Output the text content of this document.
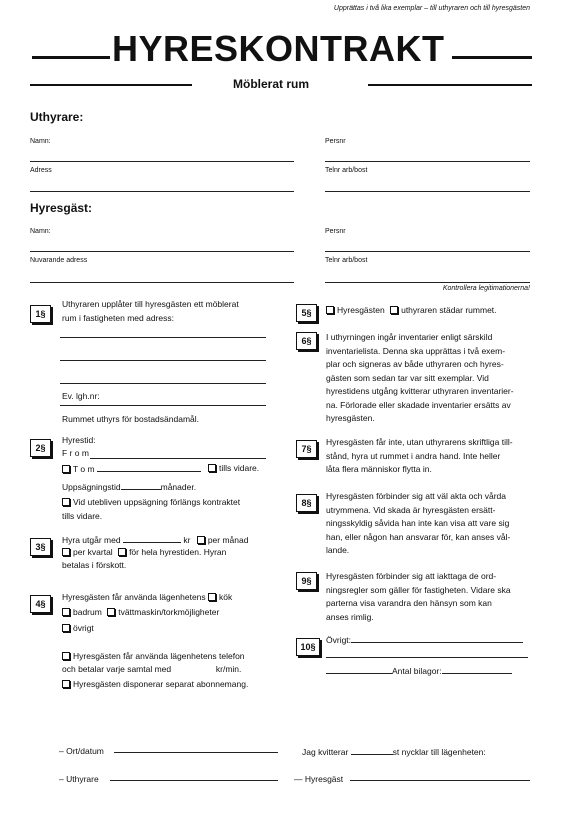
Upprättas i två lika exemplar – till uthyraren och till hyresgästen
HYRESKONTRAKT
Möblerat rum
Uthyrare:
Namn:	Persnr
Adress	Telnr arb/bost
Hyresgäst:
Namn:	Persnr
Nuvarande adress	Telnr arb/bost
Kontrollera legitimationerna!
1§
Uthyraren upplåter till hyresgästen ett möblerat
rum i fastigheten med adress:
Ev. lgh.nr:
Rummet uthyrs för bostadsändamål.
2§
Hyrestid:
F r o m
T o m	tills vidare.
Uppsägningstid	månader.
Vid utebliven uppsägning förlängs kontraktet
tills vidare.
3§
Hyra utgår med	kr per månad
per kvartal för hela hyrestiden. Hyran
betalas i förskott.
4§
Hyresgästen får använda lägenhetens kök
badrum tvättmaskin/torkmöjligheter
övrigt
Hyresgästen får använda lägenhetens telefon
och betalar varje samtal med	kr/min.
Hyresgästen disponerar separat abonnemang.
5§	Hyresgästen uthyraren städar rummet.
6§	I uthyrningen ingår inventarier enligt särskild

inventarielista. Denna ska upprättas i två exem-

plar och signeras av både uthyraren och hyres-

gästen som sedan tar var sitt exemplar. Vid

hyrestidens utgång kvitterar uthyraren inventarier-

na. Förlorade eller skadade inventarier ersätts av

hyresgästen.

7§

Hyresgästen får inte, utan uthyrarens skriftliga till-

stånd, hyra ut rummet i andra hand. Inte heller

låta flera människor flytta in.

8§

Hyresgästen förbinder sig att väl akta och vårda

utrymmena. Vid skada är hyresgästen ersätt-

ningsskyldig såvida han inte kan visa att vare sig

han, eller någon han ansvarar för, kan anses vål-

lande.

9§	Hyresgästen förbinder sig att iakttaga de ord-

ningsregler som gäller för fastigheten. Vidare ska

parterna visa varandra den hänsyn som kan

anses rimlig.

10§
Övrigt:
Antal bilagor:
– Ort/datum	Jag kvitterar	st nycklar till lägenheten:
– Uthyrare	— Hyresgäst
